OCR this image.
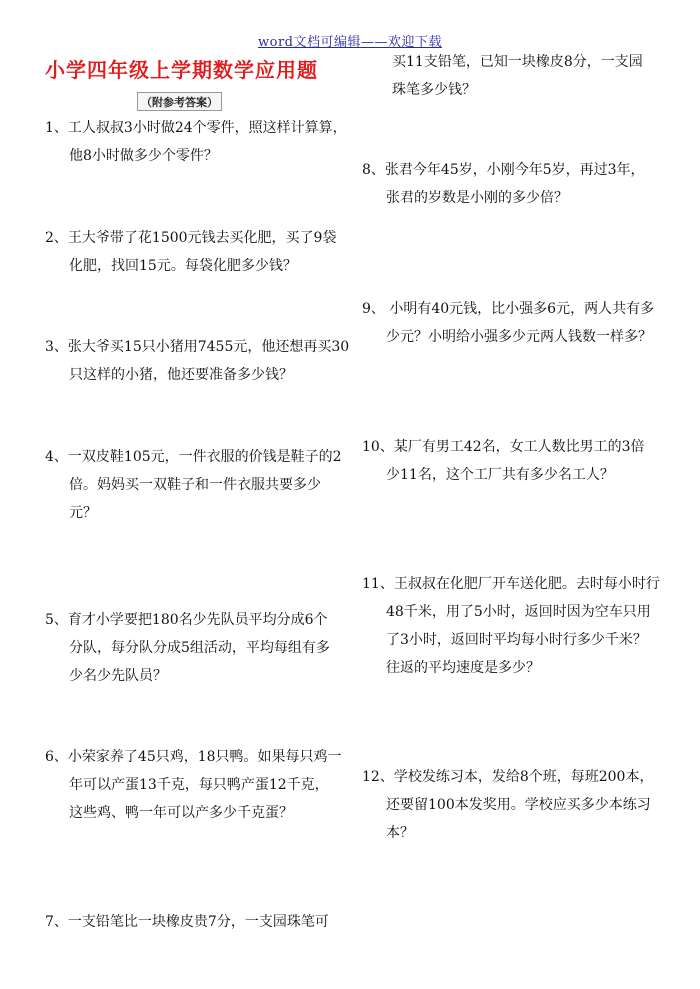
word文档可编辑——欢迎下载
小学四年级上学期数学应用题
（附参考答案）
1、工人叔叔3小时做24个零件，照这样计算算，
他8小时做多少个零件？
2、王大爷带了花1500元钱去买化肥，买了9袋
化肥，找回15元。每袋化肥多少钱？
3、张大爷买15只小猪用7455元，他还想再买30
只这样的小猪，他还要准备多少钱？
4、一双皮鞋105元，一件衣服的价钱是鞋子的2
倍。妈妈买一双鞋子和一件衣服共要多少
元？
5、育才小学要把180名少先队员平均分成6个
分队，每分队分成5组活动，平均每组有多
少名少先队员？
6、小荣家养了45只鸡，18只鸭。如果每只鸡一
年可以产蛋13千克，每只鸭产蛋12千克，
这些鸡、鸭一年可以产多少千克蛋？
7、一支铅笔比一块橡皮贵7分，一支园珠笔可
买11支铅笔，已知一块橡皮8分，一支园
珠笔多少钱？
8、张君今年45岁，小刚今年5岁，再过3年，
张君的岁数是小刚的多少倍？
9、 小明有40元钱，比小强多6元，两人共有多
少元？小明给小强多少元两人钱数一样多？
10、某厂有男工42名，女工人数比男工的3倍
少11名，这个工厂共有多少名工人？
11、王叔叔在化肥厂开车送化肥。去时每小时行
48千米，用了5小时，返回时因为空车只用
了3小时，返回时平均每小时行多少千米？
往返的平均速度是多少？
12、学校发练习本，发给8个班，每班200本，
还要留100本发奖用。学校应买多少本练习
本？
